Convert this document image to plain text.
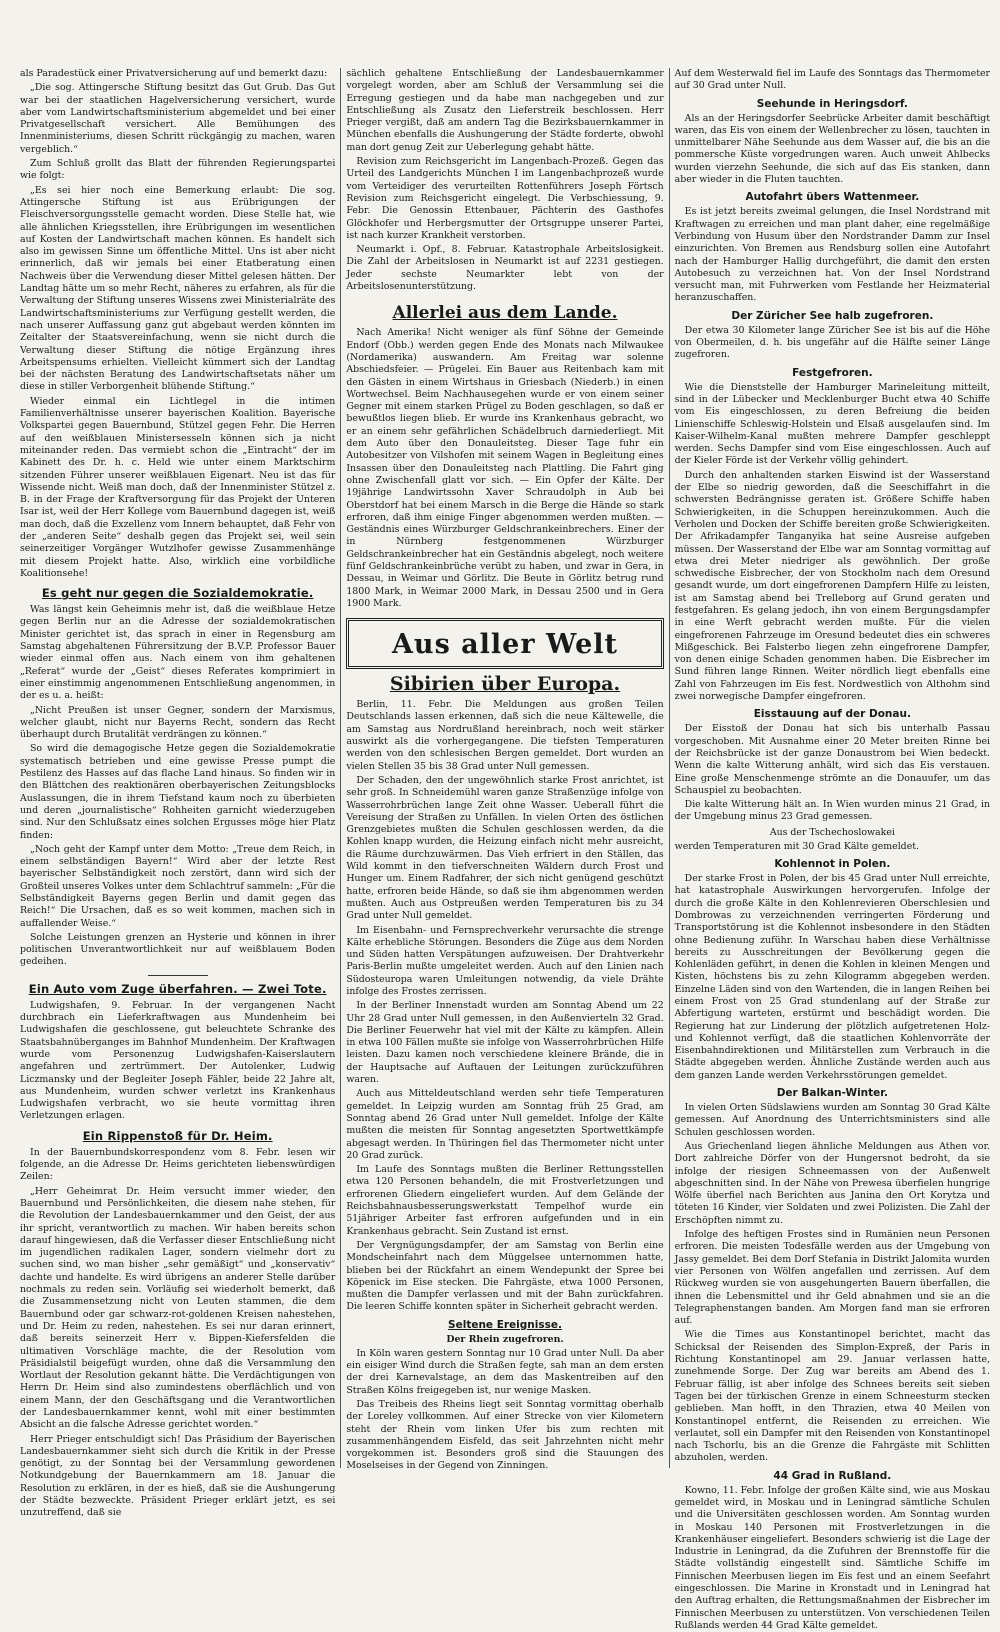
als Paradestück einer Privatversicherung auf und bemerkt dazu:

„Die sog. Attingersche Stiftung besitzt das Gut Grub. Das Gut war bei der staatlichen Hagelversicherung versichert, wurde aber vom Landwirtschaftsministerium abgemeldet und bei einer Privatgesellschaft versichert. Alle Bemühungen des Innenministeriums, diesen Schritt rückgängig zu machen, waren vergeblich.“

Zum Schluß grollt das Blatt der führenden Regierungspartei wie folgt:

„Es sei hier noch eine Bemerkung erlaubt: Die sog. Attingersche Stiftung ist aus Erübrigungen der Fleischversorgungsstelle gemacht worden. Diese Stelle hat, wie alle ähnlichen Kriegsstellen, ihre Erübrigungen im wesentlichen auf Kosten der Landwirtschaft machen können. Es handelt sich also im gewissen Sinne um öffentliche Mittel. Uns ist aber nicht erinnerlich, daß wir jemals bei einer Etatberatung einen Nachweis über die Verwendung dieser Mittel gelesen hätten. Der Landtag hätte um so mehr Recht, näheres zu erfahren, als für die Verwaltung der Stiftung unseres Wissens zwei Ministerialräte des Landwirtschaftsministeriums zur Verfügung gestellt werden, die nach unserer Auffassung ganz gut abgebaut werden könnten im Zeitalter der Staatsvereinfachung, wenn sie nicht durch die Verwaltung dieser Stiftung die nötige Ergänzung ihres Arbeitspensums erhielten. Vielleicht kümmert sich der Landtag bei der nächsten Beratung des Landwirtschaftsetats näher um diese in stiller Verborgenheit blühende Stiftung.“

Wieder einmal ein Lichtlegel in die intimen Familienverhältnisse unserer bayerischen Koalition. Bayerische Volkspartei gegen Bauernbund, Stützel gegen Fehr. Die Herren auf den weißblauen Ministersesseln können sich ja nicht miteinander reden. Das vermiebt schon die „Eintracht“ der im Kabinett des Dr. h. c. Held wie unter einem Marktschirm sitzenden Führer unserer weißblauen Eigenart. Neu ist das für Wissende nicht. Weiß man doch, daß der Innenminister Stützel z. B. in der Frage der Kraftversorgung für das Projekt der Unteren Isar ist, weil der Herr Kollege vom Bauernbund dagegen ist, weiß man doch, daß die Exzellenz vom Innern behauptet, daß Fehr von der „anderen Seite“ deshalb gegen das Projekt sei, weil sein seinerzeitiger Vorgänger Wutzlhofer gewisse Zusammenhänge mit diesem Projekt hatte. Also, wirklich eine vorbildliche Koalitionsehe!

Es geht nur gegen die Sozialdemokratie.

Was längst kein Geheimnis mehr ist, daß die weißblaue Hetze gegen Berlin nur an die Adresse der sozialdemokratischen Minister gerichtet ist, das sprach in einer in Regensburg am Samstag abgehaltenen Führersitzung der B.V.P. Professor Bauer wieder einmal offen aus. Nach einem von ihm gehaltenen „Referat“ wurde der „Geist“ dieses Referates komprimiert in einer einstimmig angenommenen Entschließung angenommen, in der es u. a. heißt:

„Nicht Preußen ist unser Gegner, sondern der Marxismus, welcher glaubt, nicht nur Bayerns Recht, sondern das Recht überhaupt durch Brutalität verdrängen zu können.“

So wird die demagogische Hetze gegen die Sozialdemokratie systematisch betrieben und eine gewisse Presse pumpt die Pestilenz des Hasses auf das flache Land hinaus. So finden wir in den Blättchen des reaktionären oberbayerischen Zeitungsblocks Auslassungen, die in ihrem Tiefstand kaum noch zu überbieten und deren „journalistische“ Rohheiten garnicht wiederzugeben sind. Nur den Schlußsatz eines solchen Ergusses möge hier Platz finden:

„Noch geht der Kampf unter dem Motto: „Treue dem Reich, in einem selbständigen Bayern!“ Wird aber der letzte Rest bayerischer Selbständigkeit noch zerstört, dann wird sich der Großteil unseres Volkes unter dem Schlachtruf sammeln: „Für die Selbständigkeit Bayerns gegen Berlin und damit gegen das Reich!“ Die Ursachen, daß es so weit kommen, machen sich in auffallender Weise.“

Solche Leistungen grenzen an Hysterie und können in ihrer politischen Unverantwortlichkeit nur auf weißblauem Boden gedeihen.

Ein Auto vom Zuge überfahren. — Zwei Tote.

Ludwigshafen, 9. Februar. In der vergangenen Nacht durchbrach ein Lieferkraftwagen aus Mundenheim bei Ludwigshafen die geschlossene, gut beleuchtete Schranke des Staatsbahnüberganges im Bahnhof Mundenheim. Der Kraftwagen wurde vom Personenzug Ludwigshafen-Kaiserslautern angefahren und zertrümmert. Der Autolenker, Ludwig Liczmansky und der Begleiter Joseph Fähler, beide 22 Jahre alt, aus Mundenheim, wurden schwer verletzt ins Krankenhaus Ludwigshafen verbracht, wo sie heute vormittag ihren Verletzungen erlagen.

Ein Rippenstoß für Dr. Heim.

In der Bauernbundskorrespondenz vom 8. Febr. lesen wir folgende, an die Adresse Dr. Heims gerichteten liebenswürdigen Zeilen:

„Herr Geheimrat Dr. Heim versucht immer wieder, den Bauernbund und Persönlichkeiten, die diesem nahe stehen, für die Revolution der Landesbauernkammer und den Geist, der aus ihr spricht, verantwortlich zu machen. Wir haben bereits schon darauf hingewiesen, daß die Verfasser dieser Entschließung nicht im jugendlichen radikalen Lager, sondern vielmehr dort zu suchen sind, wo man bisher „sehr gemäßigt“ und „konservativ“ dachte und handelte. Es wird übrigens an anderer Stelle darüber nochmals zu reden sein. Vorläufig sei wiederholt bemerkt, daß die Zusammensetzung nicht von Leuten stammen, die dem Bauernbund oder gar schwarz-rot-goldenen Kreisen nahestehen, und Dr. Heim zu reden, nahestehen. Es sei nur daran erinnert, daß bereits seinerzeit Herr v. Bippen-Kiefersfelden die ultimativen Vorschläge machte, die der Resolution vom Präsidialstil beigefügt wurden, ohne daß die Versammlung den Wortlaut der Resolution gekannt hätte. Die Verdächtigungen von Herrn Dr. Heim sind also zumindestens oberflächlich und von einem Mann, der den Geschäftsgang und die Verantwortlichen der Landesbauernkammer kennt, wohl mit einer bestimmten Absicht an die falsche Adresse gerichtet worden.“

Herr Prieger entschuldigt sich! Das Präsidium der Bayerischen Landesbauernkammer sieht sich durch die Kritik in der Presse genötigt, zu der Sonntag bei der Versammlung gewordenen Notkundgebung der Bauernkammern am 18. Januar die Resolution zu erklären, in der es hieß, daß sie die Aushungerung der Städte bezweckte. Präsident Prieger erklärt jetzt, es sei unzutreffend, daß sie

sächlich gehaltene Entschließung der Landesbauernkammer vorgelegt worden, aber am Schluß der Versammlung sei die Erregung gestiegen und da habe man nachgegeben und zur Entschließung als Zusatz den Lieferstreik beschlossen. Herr Prieger vergißt, daß am andern Tag die Bezirksbauernkammer in München ebenfalls die Aushungerung der Städte forderte, obwohl man dort genug Zeit zur Ueberlegung gehabt hätte.

Revision zum Reichsgericht im Langenbach-Prozeß. Gegen das Urteil des Landgerichts München I im Langenbachprozeß wurde vom Verteidiger des verurteilten Rottenführers Joseph Förtsch Revision zum Reichsgericht eingelegt. Die Verbschiessung, 9. Febr. Die Genossin Ettenbauer, Pächterin des Gasthofes Glöckhofer und Herbergsmutter der Ortsgruppe unserer Partei, ist nach kurzer Krankheit verstorben.

Neumarkt i. Opf., 8. Februar. Katastrophale Arbeitslosigkeit. Die Zahl der Arbeitslosen in Neumarkt ist auf 2231 gestiegen. Jeder sechste Neumarkter lebt von der Arbeitslosenunterstützung.

Allerlei aus dem Lande.

Nach Amerika! Nicht weniger als fünf Söhne der Gemeinde Endorf (Obb.) werden gegen Ende des Monats nach Milwaukee (Nordamerika) auswandern. Am Freitag war solenne Abschiedsfeier. — Prügelei. Ein Bauer aus Reitenbach kam mit den Gästen in einem Wirtshaus in Griesbach (Niederb.) in einen Wortwechsel. Beim Nachhausegehen wurde er von einem seiner Gegner mit einem starken Prügel zu Boden geschlagen, so daß er bewußtlos liegen blieb. Er wurde ins Krankenhaus gebracht, wo er an einem sehr gefährlichen Schädelbruch darniederliegt. Mit dem Auto über den Donauleitsteg. Dieser Tage fuhr ein Autobesitzer von Vilshofen mit seinem Wagen in Begleitung eines Insassen über den Donauleitsteg nach Plattling. Die Fahrt ging ohne Zwischenfall glatt vor sich. — Ein Opfer der Kälte. Der 19jährige Landwirtssohn Xaver Schraudolph in Aub bei Oberstdorf hat bei einem Marsch in die Berge die Hände so stark erfroren, daß ihm einige Finger abgenommen werden mußten. — Geständnis eines Würzburger Geldschrankeinbrechers. Einer der in Nürnberg festgenommenen Würzburger Geldschrankeinbrecher hat ein Geständnis abgelegt, noch weitere fünf Geldschrankeinbrüche verübt zu haben, und zwar in Gera, in Dessau, in Weimar und Görlitz. Die Beute in Görlitz betrug rund 1800 Mark, in Weimar 2000 Mark, in Dessau 2500 und in Gera 1900 Mark.

Aus aller Welt
Sibirien über Europa.

Berlin, 11. Febr. Die Meldungen aus großen Teilen Deutschlands lassen erkennen, daß sich die neue Kältewelle, die am Samstag aus Nordrußland hereinbrach, noch weit stärker auswirkt als die vorhergegangene. Die tiefsten Temperaturen werden von den schlesischen Bergen gemeldet. Dort wurden an vielen Stellen 35 bis 38 Grad unter Null gemessen.

Der Schaden, den der ungewöhnlich starke Frost anrichtet, ist sehr groß. In Schneidemühl waren ganze Straßenzüge infolge von Wasserrohrbrüchen lange Zeit ohne Wasser. Ueberall führt die Vereisung der Straßen zu Unfällen. In vielen Orten des östlichen Grenzgebietes mußten die Schulen geschlossen werden, da die Kohlen knapp wurden, die Heizung einfach nicht mehr ausreicht, die Räume durchzuwärmen. Das Vieh erfriert in den Ställen, das Wild kommt in den tiefverschneiten Wäldern durch Frost und Hunger um. Einem Radfahrer, der sich nicht genügend geschützt hatte, erfroren beide Hände, so daß sie ihm abgenommen werden mußten. Auch aus Ostpreußen werden Temperaturen bis zu 34 Grad unter Null gemeldet.

Im Eisenbahn- und Fernsprechverkehr verursachte die strenge Kälte erhebliche Störungen. Besonders die Züge aus dem Norden und Süden hatten Verspätungen aufzuweisen. Der Drahtverkehr Paris-Berlin mußte umgeleitet werden. Auch auf den Linien nach Südosteuropa waren Umleitungen notwendig, da viele Drähte infolge des Frostes zerrissen.

In der Berliner Innenstadt wurden am Sonntag Abend um 22 Uhr 28 Grad unter Null gemessen, in den Außenvierteln 32 Grad. Die Berliner Feuerwehr hat viel mit der Kälte zu kämpfen. Allein in etwa 100 Fällen mußte sie infolge von Wasserrohrbrüchen Hilfe leisten. Dazu kamen noch verschiedene kleinere Brände, die in der Hauptsache auf Auftauen der Leitungen zurückzuführen waren.

Auch aus Mitteldeutschland werden sehr tiefe Temperaturen gemeldet. In Leipzig wurden am Sonntag früh 25 Grad, am Sonntag abend 26 Grad unter Null gemeldet. Infolge der Kälte mußten die meisten für Sonntag angesetzten Sportwettkämpfe abgesagt werden. In Thüringen fiel das Thermometer nicht unter 20 Grad zurück.

Im Laufe des Sonntags mußten die Berliner Rettungsstellen etwa 120 Personen behandeln, die mit Frostverletzungen und erfrorenen Gliedern eingeliefert wurden. Auf dem Gelände der Reichsbahnausbesserungswerkstatt Tempelhof wurde ein 51jähriger Arbeiter fast erfroren aufgefunden und in ein Krankenhaus gebracht. Sein Zustand ist ernst.

Der Vergnügungsdampfer, der am Samstag von Berlin eine Mondscheinfahrt nach dem Müggelsee unternommen hatte, blieben bei der Rückfahrt an einem Wendepunkt der Spree bei Köpenick im Eise stecken. Die Fahrgäste, etwa 1000 Personen, mußten die Dampfer verlassen und mit der Bahn zurückfahren. Die leeren Schiffe konnten später in Sicherheit gebracht werden.

Seltene Ereignisse.
Der Rhein zugefroren.

In Köln waren gestern Sonntag nur 10 Grad unter Null. Da aber ein eisiger Wind durch die Straßen fegte, sah man an dem ersten der drei Karnevalstage, an dem das Maskentreiben auf den Straßen Kölns freigegeben ist, nur wenige Masken.

Das Treibeis des Rheins liegt seit Sonntag vormittag oberhalb der Loreley vollkommen. Auf einer Strecke von vier Kilometern steht der Rhein vom linken Ufer bis zum rechten mit zusammenhängendem Eisfeld, das seit Jahrzehnten nicht mehr vorgekommen ist. Besonders groß sind die Stauungen des Moselseises in der Gegend von Zinningen.

Auf dem Westerwald fiel im Laufe des Sonntags das Thermometer auf 30 Grad unter Null.

Seehunde in Heringsdorf.

Als an der Heringsdorfer Seebrücke Arbeiter damit beschäftigt waren, das Eis von einem der Wellenbrecher zu lösen, tauchten in unmittelbarer Nähe Seehunde aus dem Wasser auf, die bis an die pommersche Küste vorgedrungen waren. Auch unweit Ahlbecks wurden vierzehn Seehunde, die sich auf das Eis stanken, dann aber wieder in die Fluten tauchten.

Autofahrt übers Wattenmeer.

Es ist jetzt bereits zweimal gelungen, die Insel Nordstrand mit Kraftwagen zu erreichen und man plant daher, eine regelmäßige Verbindung von Husum über den Nordstrander Damm zur Insel einzurichten. Von Bremen aus Rendsburg sollen eine Autofahrt nach der Hamburger Hallig durchgeführt, die damit den ersten Autobesuch zu verzeichnen hat. Von der Insel Nordstrand versucht man, mit Fuhrwerken vom Festlande her Heizmaterial heranzuschaffen.

Der Züricher See halb zugefroren.

Der etwa 30 Kilometer lange Züricher See ist bis auf die Höhe von Obermeilen, d. h. bis ungefähr auf die Hälfte seiner Länge zugefroren.

Festgefroren.

Wie die Dienststelle der Hamburger Marineleitung mitteilt, sind in der Lübecker und Mecklenburger Bucht etwa 40 Schiffe vom Eis eingeschlossen, zu deren Befreiung die beiden Linienschiffe Schleswig-Holstein und Elsaß ausgelaufen sind. Im Kaiser-Wilhelm-Kanal mußten mehrere Dampfer geschleppt werden. Sechs Dampfer sind vom Eise eingeschlossen. Auch auf der Kieler Förde ist der Verkehr völlig gehindert.

Durch den anhaltenden starken Eiswind ist der Wasserstand der Elbe so niedrig geworden, daß die Seeschiffahrt in die schwersten Bedrängnisse geraten ist. Größere Schiffe haben Schwierigkeiten, in die Schuppen hereinzukommen. Auch die Verholen und Docken der Schiffe bereiten große Schwierigkeiten. Der Afrikadampfer Tanganyika hat seine Ausreise aufgeben müssen. Der Wasserstand der Elbe war am Sonntag vormittag auf etwa drei Meter niedriger als gewöhnlich. Der große schwedische Eisbrecher, der von Stockholm nach dem Oresund gesandt wurde, um dort eingefrorenen Dampfern Hilfe zu leisten, ist am Samstag abend bei Trelleborg auf Grund geraten und festgefahren. Es gelang jedoch, ihn von einem Bergungsdampfer in eine Werft gebracht werden mußte. Für die vielen eingefrorenen Fahrzeuge im Oresund bedeutet dies ein schweres Mißgeschick. Bei Falsterbo liegen zehn eingefrorene Dampfer, von denen einige Schaden genommen haben. Die Eisbrecher im Sund führen lange Rinnen. Weiter nördlich liegt ebenfalls eine Zahl von Fahrzeugen im Eis fest. Nordwestlich von Althohm sind zwei norwegische Dampfer eingefroren.

Eisstauung auf der Donau.

Der Eisstoß der Donau hat sich bis unterhalb Passau vorgeschoben. Mit Ausnahme einer 20 Meter breiten Rinne bei der Reichsbrücke ist der ganze Donaustrom bei Wien bedeckt. Wenn die kalte Witterung anhält, wird sich das Eis verstauen. Eine große Menschenmenge strömte an die Donauufer, um das Schauspiel zu beobachten.

Die kalte Witterung hält an. In Wien wurden minus 21 Grad, in der Umgebung minus 23 Grad gemessen.

Aus der Tschechoslowakei

werden Temperaturen mit 30 Grad Kälte gemeldet.

Kohlennot in Polen.

Der starke Frost in Polen, der bis 45 Grad unter Null erreichte, hat katastrophale Auswirkungen hervorgerufen. Infolge der durch die große Kälte in den Kohlenrevieren Oberschlesien und Dombrowas zu verzeichnenden verringerten Förderung und Transportstörung ist die Kohlennot insbesondere in den Städten ohne Bedienung zuführ. In Warschau haben diese Verhältnisse bereits zu Ausschreitungen der Bevölkerung gegen die Kohlenläden geführt, in denen die Kohlen in kleinen Mengen und Kisten, höchstens bis zu zehn Kilogramm abgegeben werden. Einzelne Läden sind von den Wartenden, die in langen Reihen bei einem Frost von 25 Grad stundenlang auf der Straße zur Abfertigung warteten, erstürmt und beschädigt worden. Die Regierung hat zur Linderung der plötzlich aufgetretenen Holz- und Kohlennot verfügt, daß die staatlichen Kohlenvorräte der Eisenbahndirektionen und Militärstellen zum Verbrauch in die Städte abgegeben werden. Ähnliche Zustände werden auch aus dem ganzen Lande werden Verkehrsstörungen gemeldet.

Der Balkan-Winter.

In vielen Orten Südslawiens wurden am Sonntag 30 Grad Kälte gemessen. Auf Anordnung des Unterrichtsministers sind alle Schulen geschlossen worden.

Aus Griechenland liegen ähnliche Meldungen aus Athen vor. Dort zahlreiche Dörfer von der Hungersnot bedroht, da sie infolge der riesigen Schneemassen von der Außenwelt abgeschnitten sind. In der Nähe von Prewesa überfielen hungrige Wölfe überfiel nach Berichten aus Janina den Ort Korytza und töteten 16 Kinder, vier Soldaten und zwei Polizisten. Die Zahl der Erschöpften nimmt zu.

Infolge des heftigen Frostes sind in Rumänien neun Personen erfroren. Die meisten Todesfälle werden aus der Umgebung von Jassy gemeldet. Bei dem Dorf Stefania in Distrikt Jalomita wurden vier Personen von Wölfen angefallen und zerrissen. Auf dem Rückweg wurden sie von ausgehungerten Bauern überfallen, die ihnen die Lebensmittel und ihr Geld abnahmen und sie an die Telegraphenstangen banden. Am Morgen fand man sie erfroren auf.

Wie die Times aus Konstantinopel berichtet, macht das Schicksal der Reisenden des Simplon-Expreß, der Paris in Richtung Konstantinopel am 29. Januar verlassen hatte, zunehmende Sorge. Der Zug war bereits am Abend des 1. Februar fällig, ist aber infolge des Schnees bereits seit sieben Tagen bei der türkischen Grenze in einem Schneesturm stecken geblieben. Man hofft, in den Thrazien, etwa 40 Meilen von Konstantinopel entfernt, die Reisenden zu erreichen. Wie verlautet, soll ein Dampfer mit den Reisenden von Konstantinopel nach Tschorlu, bis an die Grenze die Fahrgäste mit Schlitten abzuholen, werden.

44 Grad in Rußland.

Kowno, 11. Febr. Infolge der großen Kälte sind, wie aus Moskau gemeldet wird, in Moskau und in Leningrad sämtliche Schulen und die Universitäten geschlossen worden. Am Sonntag wurden in Moskau 140 Personen mit Frostverletzungen in die Krankenhäuser eingeliefert. Besonders schwierig ist die Lage der Industrie in Leningrad, da die Zufuhren der Brennstoffe für die Städte vollständig eingestellt sind. Sämtliche Schiffe im Finnischen Meerbusen liegen im Eis fest und an einem Seefahrt eingeschlossen. Die Marine in Kronstadt und in Leningrad hat den Auftrag erhalten, die Rettungsmaßnahmen der Eisbrecher im Finnischen Meerbusen zu unterstützen. Von verschiedenen Teilen Rußlands werden 44 Grad Kälte gemeldet.
